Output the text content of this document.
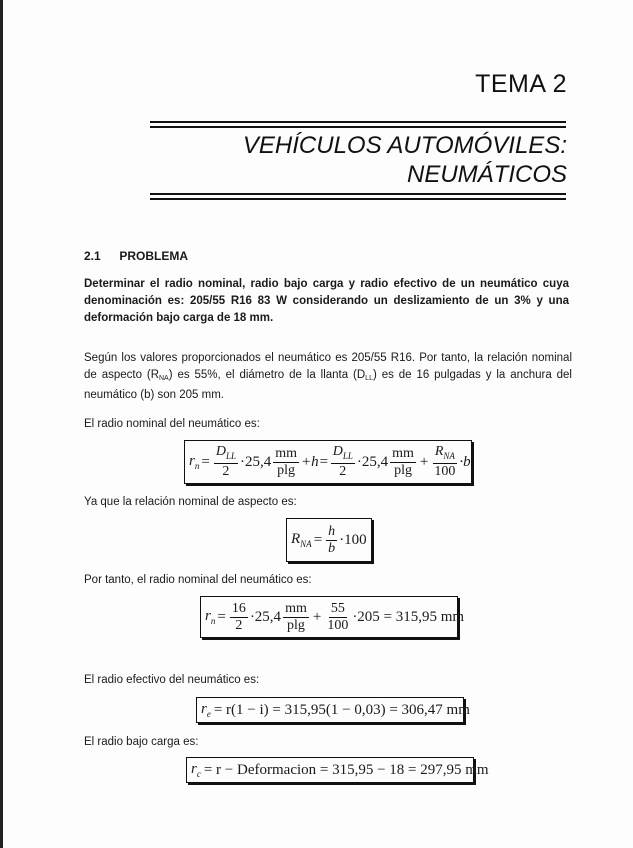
TEMA 2
VEHÍCULOS AUTOMÓVILES:
NEUMÁTICOS
2.1 PROBLEMA
Determinar el radio nominal, radio bajo carga y radio efectivo de un neumático cuya denominación es: 205/55 R16 83 W considerando un deslizamiento de un 3% y una deformación bajo carga de 18 mm.
Según los valores proporcionados el neumático es 205/55 R16. Por tanto, la relación nominal de aspecto $(R_{NA})$ es 55%, el diámetro de la llanta $(D_{LL})$ es de 16 pulgadas y la anchura del neumático (b) son 205 mm.
El radio nominal del neumático es:
$r_n = \frac{D_{LL}}{2} \cdot 25,4 \frac{mm}{plg} +h= \frac{D_{LL}}{2} \cdot 25,4 \frac{mm}{plg} + \frac{R_{NA}}{100} \cdot b$
Ya que la relación nominal de aspecto es:
$R_{NA} = \frac{h}{b} \cdot 100$
Por tanto, el radio nominal del neumático es:
$r_n = \frac{16}{2} \cdot 25,4 \frac{mm}{plg} + \frac{55}{100} \cdot 205 = 315,95$ mm
El radio efectivo del neumático es:
$r_e = r(1 - i) = 315,95(1 - 0,03) = 306,47$ mm
El radio bajo carga es:
$r_c = r$ − Deformacion = 315,95 − 18 = 297,95 mm
